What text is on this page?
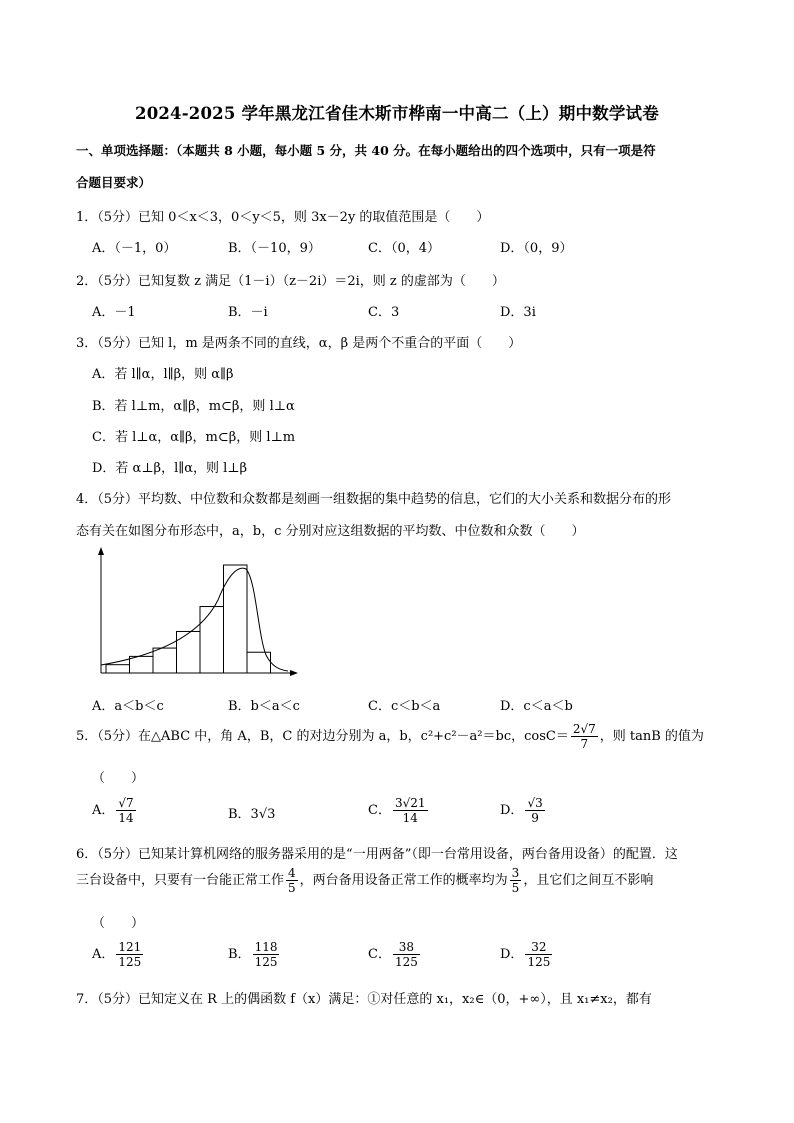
2024-2025 学年黑龙江省佳木斯市桦南一中高二（上）期中数学试卷
一、单项选择题：（本题共 8 小题，每小题 5 分，共 40 分。在每小题给出的四个选项中，只有一项是符
合题目要求）
1．（5分）已知 0＜x＜3，0＜y＜5，则 3x－2y 的取值范围是（　　）
A．（－1，0）	B．（－10，9）	C．（0，4）	D．（0，9）
2．（5分）已知复数 z 满足（1－i）（z－2i）＝2i，则 z 的虚部为（　　）
A．－1	B．－i	C．3	D．3i
3．（5分）已知 l，m 是两条不同的直线，α，β 是两个不重合的平面（　　）
A．若 l∥α，l∥β，则 α∥β
B．若 l⊥m，α∥β，m⊂β，则 l⊥α
C．若 l⊥α，α∥β，m⊂β，则 l⊥m
D．若 α⊥β，l∥α，则 l⊥β
4．（5分）平均数、中位数和众数都是刻画一组数据的集中趋势的信息，它们的大小关系和数据分布的形
态有关在如图分布形态中，a，b，c 分别对应这组数据的平均数、中位数和众数（　　）
A．a＜b＜c	B．b＜a＜c	C．c＜b＜a	D．c＜a＜b
5．（5分）在△ABC 中，角 A，B，C 的对边分别为 a，b，c²+c²－a²＝bc，$\cos C= \frac{2√7}{7}$ ，则 tanB 的值为
（　　）
A． $\frac{√7}{14}$	B．3√3	C． $\frac{3√21}{14}$	D． $\frac{√3}{9}$
6．（5分）已知某计算机网络的服务器采用的是“一用两备”（即一台常用设备，两台备用设备）的配置．这
三台设备中，只要有一台能正常工作 $\frac{4}{5}$ ，两台备用设备正常工作的概率均为 $\frac{3}{5}$ ，且它们之间互不影响
（　　）
A． $\frac{121}{125}$	B． $\frac{118}{125}$	C． $\frac{38}{125}$	D． $\frac{32}{125}$
7．（5分）已知定义在 R 上的偶函数 f（x）满足：①对任意的 x₁，x₂∈（0，+∞），且 x₁≠x₂，都有
